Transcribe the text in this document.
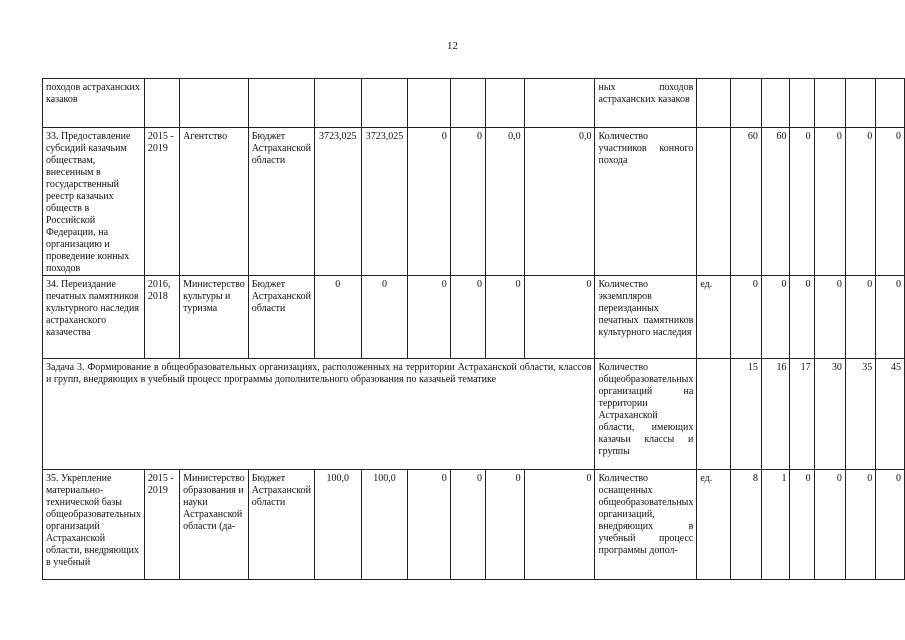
12
походов астраханских казаков										ных походов астраханских казаков							
33. Предоставление субсидий казачьим обществам, внесенным в государственный реестр казачьих обществ в Российской Федерации, на организацию и проведение конных походов	2015 - 2019	Агентство	Бюджет Астраханской области	3723,025	3723,025	0	0	0,0	0,0	Количество участников конного похода		60	60	0	0	0	0
34. Переиздание печатных памятников культурного наследия астраханского казачества	2016, 2018	Министерство культуры и туризма	Бюджет Астраханской области	0	0	0	0	0	0	Количество экземпляров переизданных печатных памятников культурного наследия	ед.	0	0	0	0	0	0
Задача 3. Формирование в общеобразовательных организациях, расположенных на территории Астраханской области, классов и групп, внедряющих в учебный процесс программы дополнительного образования по казачьей тематике										Количество общеобразовательных организаций на территории Астраханской области, имеющих казачьи классы и группы		15	16	17	30	35	45
35. Укрепление материально-технической базы общеобразовательных организаций Астраханской области, внедряющих в учебный	2015 - 2019	Министерство образования и науки Астраханской области (да-	Бюджет Астраханской области	100,0	100,0	0	0	0	0	Количество оснащенных общеобразовательных организаций, внедряющих в учебный процесс программы допол-	ед.	8	1	0	0	0	0
